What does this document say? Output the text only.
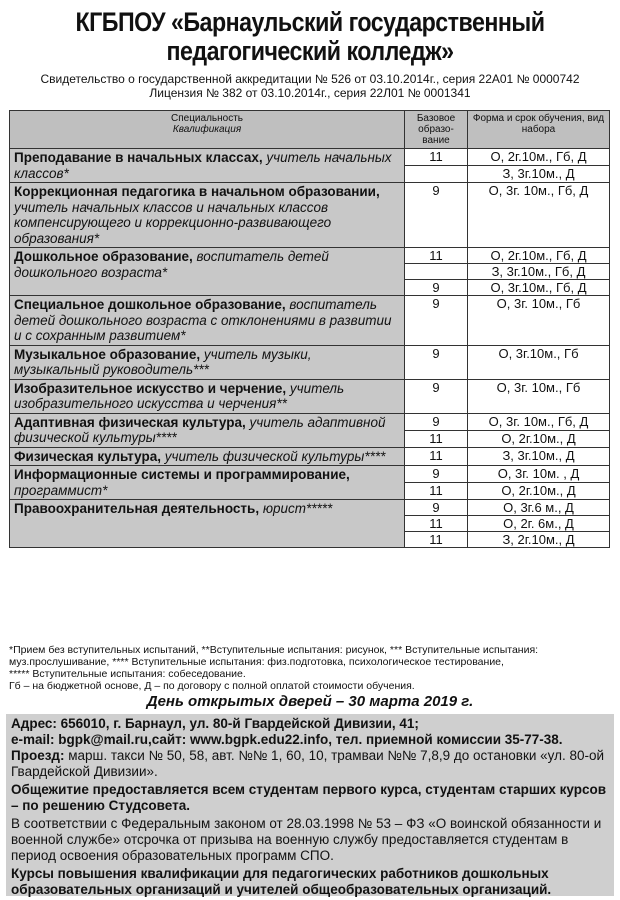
КГБПОУ «Барнаульский государственный
педагогический колледж»
Свидетельство о государственной аккредитации № 526 от 03.10.2014г., серия 22А01 № 0000742
Лицензия № 382 от 03.10.2014г., серия 22Л01 № 0001341
Специальность
Квалификация	Базовое образо-вание	Форма и срок обучения, вид набора
Преподавание в начальных классах, учитель начальных классов*	11	О, 2г.10м., Гб, Д
		З, 3г.10м., Д
Коррекционная педагогика в начальном образовании, учитель начальных классов и начальных классов компенсирующего и коррекционно-развивающего образования*	9	О, 3г. 10м., Гб, Д
Дошкольное образование, воспитатель детей дошкольного возраста*	11	О, 2г.10м., Гб, Д
		З, 3г.10м., Гб, Д
	9	О, 3г.10м., Гб, Д
Специальное дошкольное образование, воспитатель детей дошкольного возраста с отклонениями в развитии и с сохранным развитием*	9	О, 3г. 10м., Гб
Музыкальное образование, учитель музыки, музыкальный руководитель***	9	О, 3г.10м., Гб
Изобразительное искусство и черчение, учитель изобразительного искусства и черчения**	9	О, 3г. 10м., Гб
Адаптивная физическая культура, учитель адаптивной физической культуры****	9	О, 3г. 10м., Гб, Д
	11	О, 2г.10м., Д
Физическая культура, учитель физической культуры****	11	З, 3г.10м., Д
Информационные системы и программирование, программист*	9	О, 3г. 10м. , Д
	11	О, 2г.10м., Д
Правоохранительная деятельность, юрист*****	9	О, 3г.6 м., Д
	11	О, 2г. 6м., Д
	11	З, 2г.10м., Д
*Прием без вступительных испытаний, **Вступительные испытания: рисунок, *** Вступительные испытания:
муз.прослушивание, **** Вступительные испытания: физ.подготовка, психологическое тестирование,
***** Вступительные испытания: собеседование.
Гб – на бюджетной основе, Д – по договору с полной оплатой стоимости обучения.
День открытых дверей – 30 марта 2019 г.

Адрес: 656010, г. Барнаул, ул. 80-й Гвардейской Дивизии, 41;

e-mail: bgpk@mail.ru,сайт: www.bgpk.edu22.info, тел. приемной комиссии 35-77-38.

Проезд: марш. такси № 50, 58, авт. №№ 1, 60, 10, трамваи №№ 7,8,9 до остановки «ул. 80-ой Гвардейской Дивизии».

Общежитие предоставляется всем студентам первого курса, студентам старших курсов – по решению Студсовета.

В соответствии с Федеральным законом от 28.03.1998 № 53 – ФЗ «О воинской обязанности и военной службе» отсрочка от призыва на военную службу предоставляется студентам в период освоения образовательных программ СПО.

Курсы повышения квалификации для педагогических работников дошкольных образовательных организаций и учителей общеобразовательных организаций.
